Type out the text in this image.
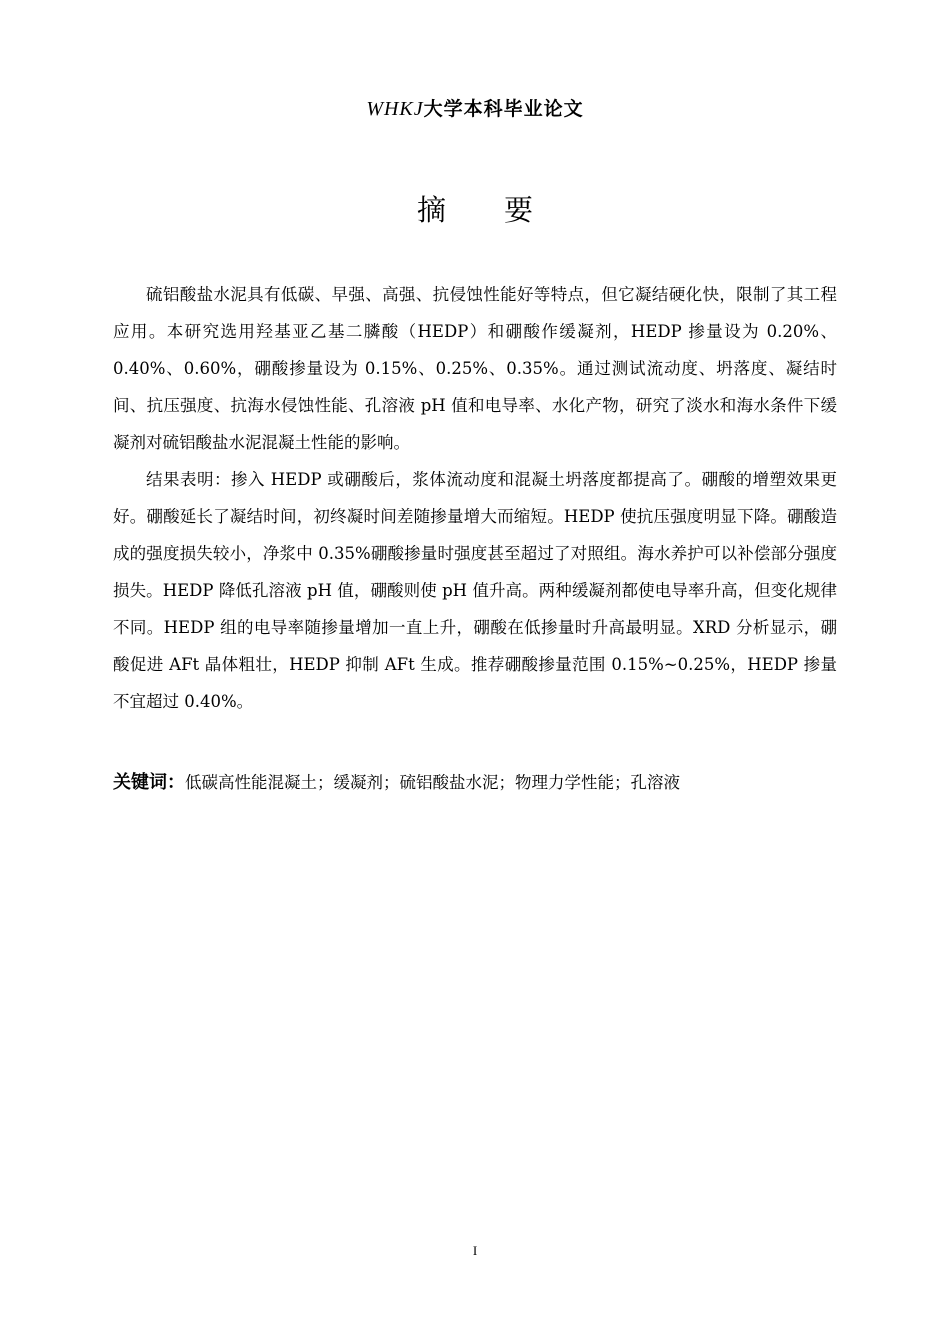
WHKJ大学本科毕业论文
摘要

硫铝酸盐水泥具有低碳、早强、高强、抗侵蚀性能好等特点，但它凝结硬化快，限制了其工程应用。本研究选用羟基亚乙基二膦酸（HEDP）和硼酸作缓凝剂，HEDP 掺量设为 0.20%、0.40%、0.60%，硼酸掺量设为 0.15%、0.25%、0.35%。通过测试流动度、坍落度、凝结时间、抗压强度、抗海水侵蚀性能、孔溶液 pH 值和电导率、水化产物，研究了淡水和海水条件下缓凝剂对硫铝酸盐水泥混凝土性能的影响。

结果表明：掺入 HEDP 或硼酸后，浆体流动度和混凝土坍落度都提高了。硼酸的增塑效果更好。硼酸延长了凝结时间，初终凝时间差随掺量增大而缩短。HEDP 使抗压强度明显下降。硼酸造成的强度损失较小，净浆中 0.35%硼酸掺量时强度甚至超过了对照组。海水养护可以补偿部分强度损失。HEDP 降低孔溶液 pH 值，硼酸则使 pH 值升高。两种缓凝剂都使电导率升高，但变化规律不同。HEDP 组的电导率随掺量增加一直上升，硼酸在低掺量时升高最明显。XRD 分析显示，硼酸促进 AFt 晶体粗壮，HEDP 抑制 AFt 生成。推荐硼酸掺量范围 0.15%~0.25%，HEDP 掺量不宜超过 0.40%。

关键词：低碳高性能混凝土；缓凝剂；硫铝酸盐水泥；物理力学性能；孔溶液
I
